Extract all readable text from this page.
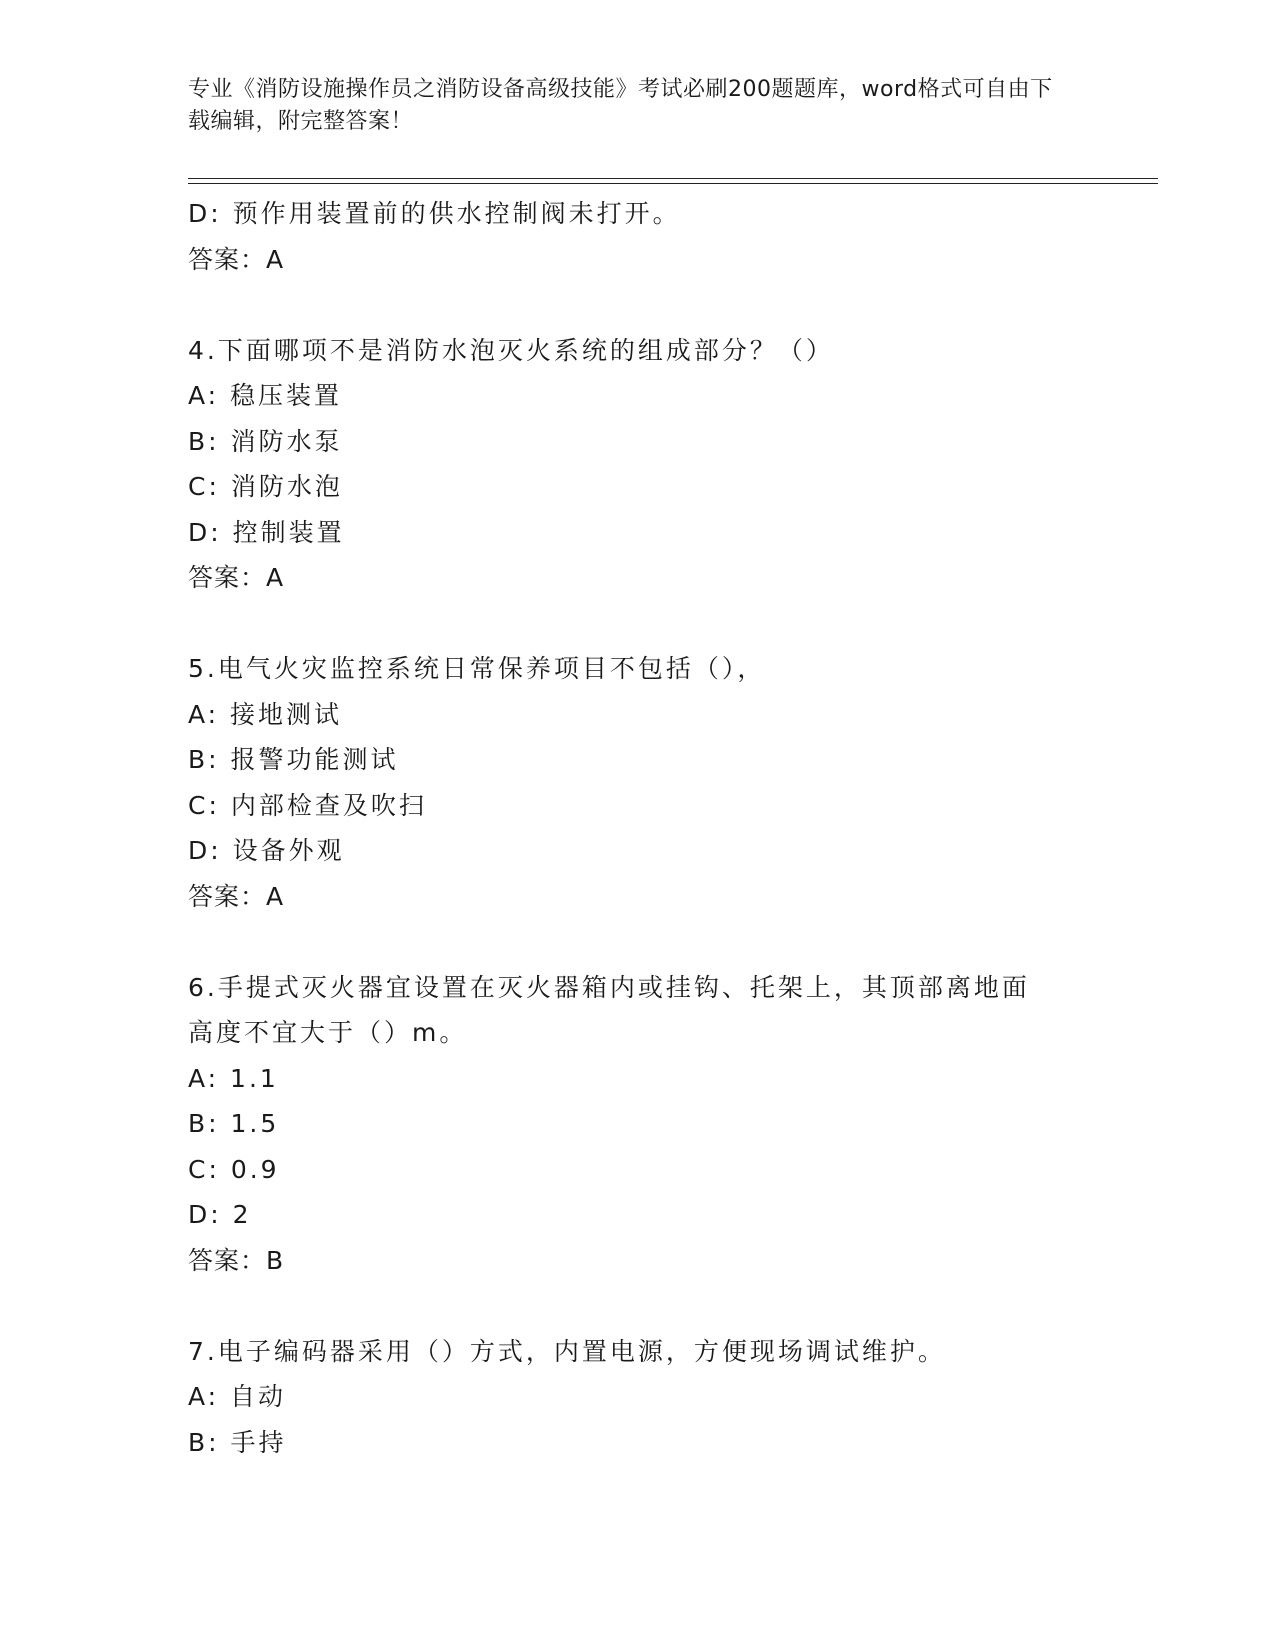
专业《消防设施操作员之消防设备高级技能》考试必刷200题题库，word格式可自由下载编辑，附完整答案！
D: 预作用装置前的供水控制阀未打开。
答案：A
4.下面哪项不是消防水泡灭火系统的组成部分？（）
A: 稳压装置
B: 消防水泵
C: 消防水泡
D: 控制装置
答案：A
5.电气火灾监控系统日常保养项目不包括（），
A: 接地测试
B: 报警功能测试
C: 内部检查及吹扫
D: 设备外观
答案：A
6.手提式灭火器宜设置在灭火器箱内或挂钩、托架上，其顶部离地面
高度不宜大于（）m。
A: 1.1
B: 1.5
C: 0.9
D: 2
答案：B
7.电子编码器采用（）方式，内置电源，方便现场调试维护。
A: 自动
B: 手持
